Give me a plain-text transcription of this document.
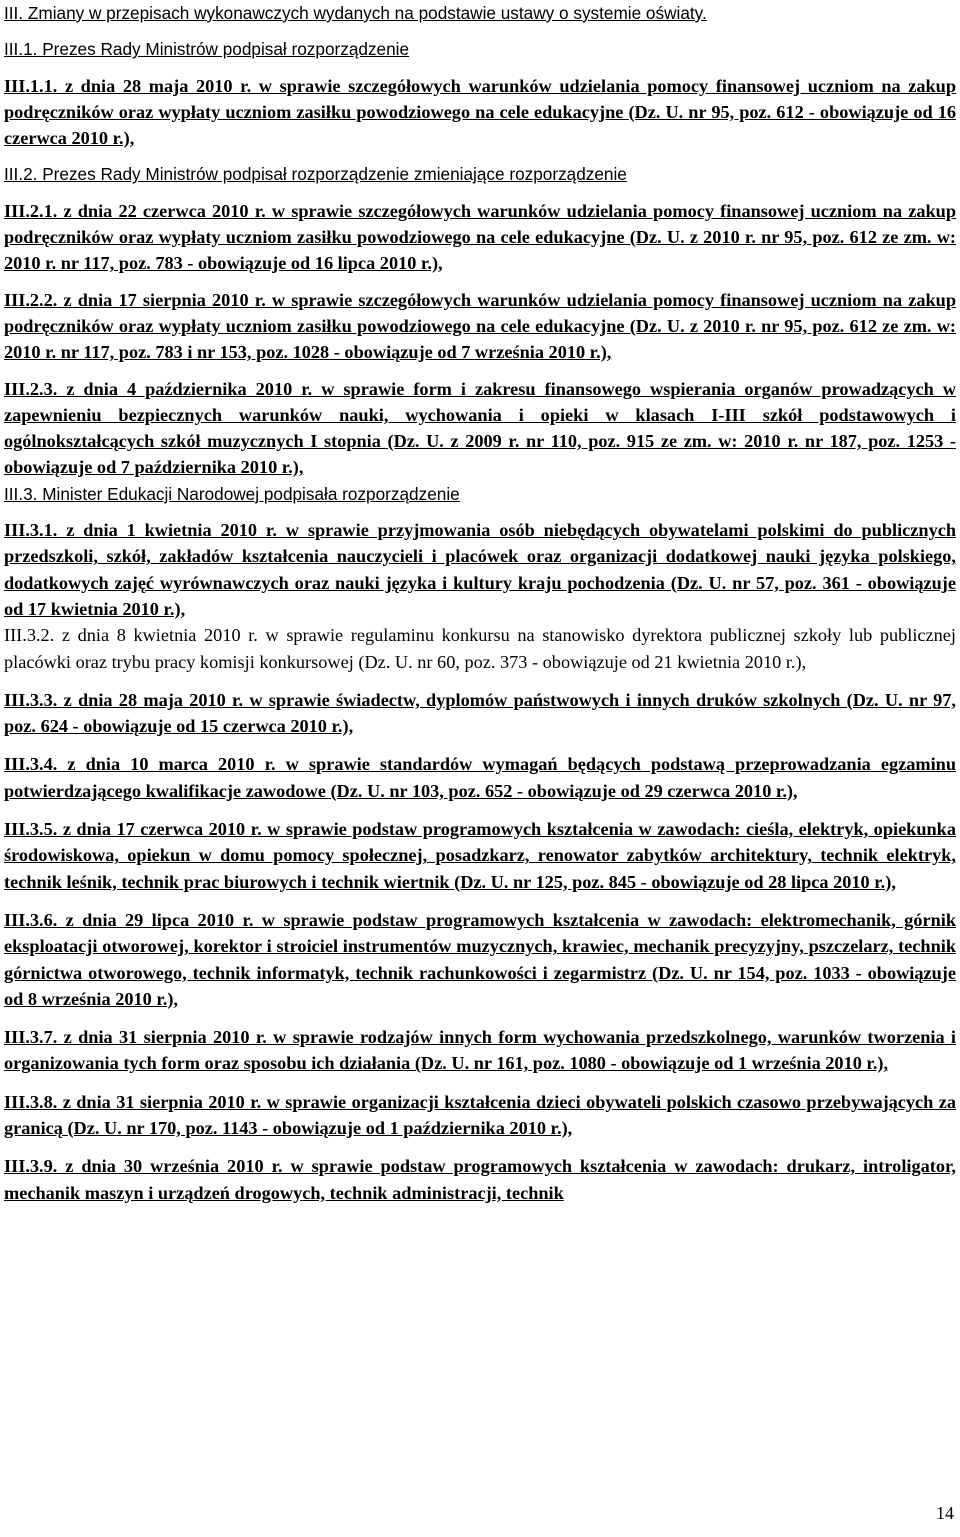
III. Zmiany w przepisach wykonawczych wydanych na podstawie ustawy o systemie oświaty.

III.1. Prezes Rady Ministrów podpisał rozporządzenie

III.1.1. z dnia 28 maja 2010 r. w sprawie szczegółowych warunków udzielania pomocy finansowej uczniom na zakup podręczników oraz wypłaty uczniom zasiłku powodziowego na cele edukacyjne (Dz. U. nr 95, poz. 612 - obowiązuje od 16 czerwca 2010 r.),

III.2. Prezes Rady Ministrów podpisał rozporządzenie zmieniające rozporządzenie

III.2.1. z dnia 22 czerwca 2010 r. w sprawie szczegółowych warunków udzielania pomocy finansowej uczniom na zakup podręczników oraz wypłaty uczniom zasiłku powodziowego na cele edukacyjne (Dz. U. z 2010 r. nr 95, poz. 612 ze zm. w: 2010 r. nr 117, poz. 783 - obowiązuje od 16 lipca 2010 r.),

III.2.2. z dnia 17 sierpnia 2010 r. w sprawie szczegółowych warunków udzielania pomocy finansowej uczniom na zakup podręczników oraz wypłaty uczniom zasiłku powodziowego na cele edukacyjne (Dz. U. z 2010 r. nr 95, poz. 612 ze zm. w: 2010 r. nr 117, poz. 783 i nr 153, poz. 1028 - obowiązuje od 7 września 2010 r.),

III.2.3. z dnia 4 października 2010 r. w sprawie form i zakresu finansowego wspierania organów prowadzących w zapewnieniu bezpiecznych warunków nauki, wychowania i opieki w klasach I-III szkół podstawowych i ogólnokształcących szkół muzycznych I stopnia (Dz. U. z 2009 r. nr 110, poz. 915 ze zm. w: 2010 r. nr 187, poz. 1253 - obowiązuje od 7 października 2010 r.),

III.3. Minister Edukacji Narodowej podpisała rozporządzenie

III.3.1. z dnia 1 kwietnia 2010 r. w sprawie przyjmowania osób niebędących obywatelami polskimi do publicznych przedszkoli, szkół, zakładów kształcenia nauczycieli i placówek oraz organizacji dodatkowej nauki języka polskiego, dodatkowych zajęć wyrównawczych oraz nauki języka i kultury kraju pochodzenia (Dz. U. nr 57, poz. 361 - obowiązuje od 17 kwietnia 2010 r.),

III.3.2. z dnia 8 kwietnia 2010 r. w sprawie regulaminu konkursu na stanowisko dyrektora publicznej szkoły lub publicznej placówki oraz trybu pracy komisji konkursowej (Dz. U. nr 60, poz. 373 - obowiązuje od 21 kwietnia 2010 r.),

III.3.3. z dnia 28 maja 2010 r. w sprawie świadectw, dyplomów państwowych i innych druków szkolnych (Dz. U. nr 97, poz. 624 - obowiązuje od 15 czerwca 2010 r.),

III.3.4. z dnia 10 marca 2010 r. w sprawie standardów wymagań będących podstawą przeprowadzania egzaminu potwierdzającego kwalifikacje zawodowe (Dz. U. nr 103, poz. 652 - obowiązuje od 29 czerwca 2010 r.),

III.3.5. z dnia 17 czerwca 2010 r. w sprawie podstaw programowych kształcenia w zawodach: cieśla, elektryk, opiekunka środowiskowa, opiekun w domu pomocy społecznej, posadzkarz, renowator zabytków architektury, technik elektryk, technik leśnik, technik prac biurowych i technik wiertnik (Dz. U. nr 125, poz. 845 - obowiązuje od 28 lipca 2010 r.),

III.3.6. z dnia 29 lipca 2010 r. w sprawie podstaw programowych kształcenia w zawodach: elektromechanik, górnik eksploatacji otworowej, korektor i stroiciel instrumentów muzycznych, krawiec, mechanik precyzyjny, pszczelarz, technik górnictwa otworowego, technik informatyk, technik rachunkowości i zegarmistrz (Dz. U. nr 154, poz. 1033 - obowiązuje od 8 września 2010 r.),

III.3.7. z dnia 31 sierpnia 2010 r. w sprawie rodzajów innych form wychowania przedszkolnego, warunków tworzenia i organizowania tych form oraz sposobu ich działania (Dz. U. nr 161, poz. 1080 - obowiązuje od 1 września 2010 r.),

III.3.8. z dnia 31 sierpnia 2010 r. w sprawie organizacji kształcenia dzieci obywateli polskich czasowo przebywających za granicą (Dz. U. nr 170, poz. 1143 - obowiązuje od 1 października 2010 r.),

III.3.9. z dnia 30 września 2010 r. w sprawie podstaw programowych kształcenia w zawodach: drukarz, introligator, mechanik maszyn i urządzeń drogowych, technik administracji, technik

14
